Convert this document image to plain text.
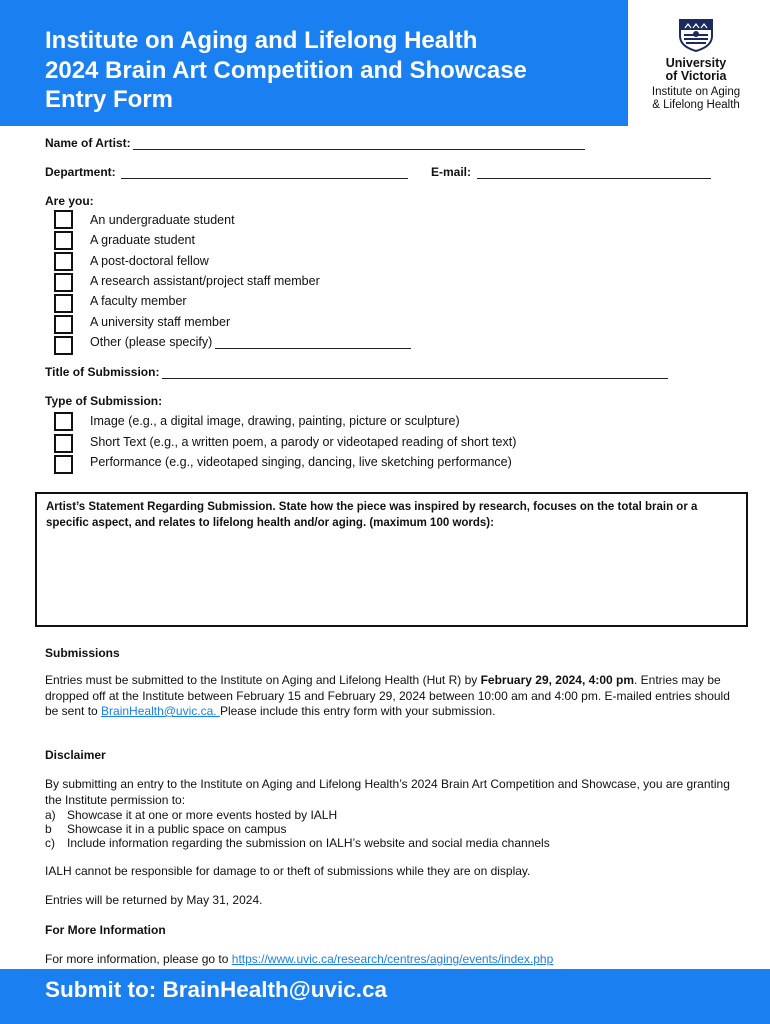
Institute on Aging and Lifelong Health
2024 Brain Art Competition and Showcase
Entry Form
University
of Victoria
Institute on Aging
& Lifelong Health
Name of Artist:
Department:	E-mail:
Are you:
An undergraduate student
A graduate student
A post-doctoral fellow
A research assistant/project staff member
A faculty member
A university staff member
Other (please specify)
Title of Submission:
Type of Submission:
Image (e.g., a digital image, drawing, painting, picture or sculpture)
Short Text (e.g., a written poem, a parody or videotaped reading of short text)
Performance (e.g., videotaped singing, dancing, live sketching performance)
Artist’s Statement Regarding Submission. State how the piece was inspired by research, focuses on the total brain or a specific aspect, and relates to lifelong health and/or aging. (maximum 100 words):
Submissions
Entries must be submitted to the Institute on Aging and Lifelong Health (Hut R) by February 29, 2024, 4:00 pm. Entries may be dropped off at the Institute between February 15 and February 29, 2024 between 10:00 am and 4:00 pm. E-mailed entries should be sent to BrainHealth@uvic.ca. Please include this entry form with your submission.
Disclaimer
By submitting an entry to the Institute on Aging and Lifelong Health’s 2024 Brain Art Competition and Showcase, you are granting the Institute permission to:
a) Showcase it at one or more events hosted by IALH
b Showcase it in a public space on campus
c) Include information regarding the submission on IALH’s website and social media channels
IALH cannot be responsible for damage to or theft of submissions while they are on display.
Entries will be returned by May 31, 2024.
For More Information
For more information, please go to https://www.uvic.ca/research/centres/aging/events/index.php
Submit to: BrainHealth@uvic.ca
